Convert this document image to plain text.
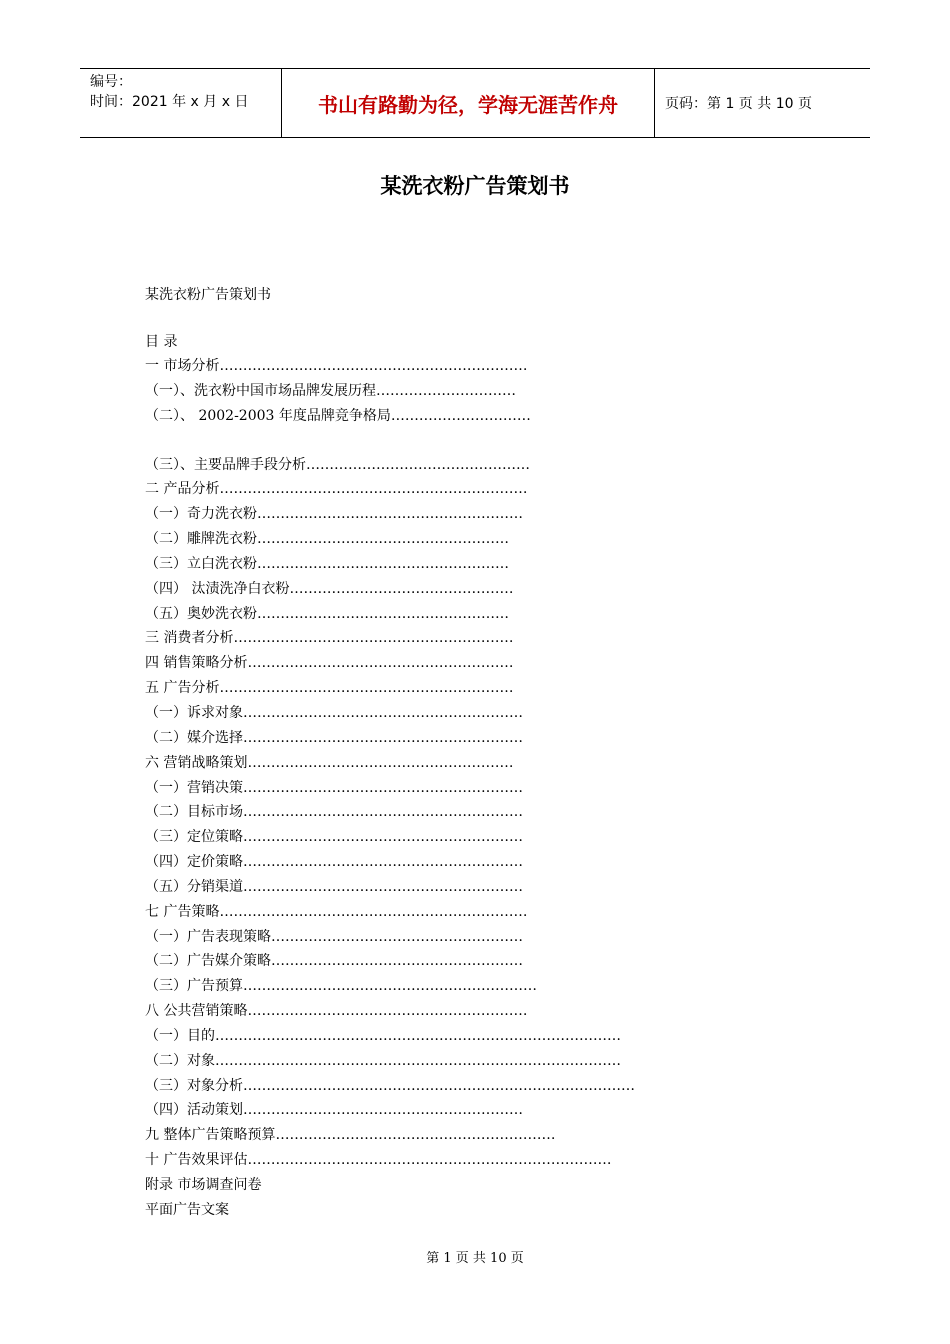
编号：
时间：2021 年 x 月 x 日	书山有路勤为径，学海无涯苦作舟	页码：第 1 页 共 10 页
某洗衣粉广告策划书
某洗衣粉广告策划书
目 录
一 市场分析…………………………………………………………
（一）、洗衣粉中国市场品牌发展历程…………………………
（二）、 2002-2003 年度品牌竞争格局…………………………
（三）、主要品牌手段分析…………………………………………
二 产品分析…………………………………………………………
（一）奇力洗衣粉…………………………………………………
（二）雕牌洗衣粉………………………………………………
（三）立白洗衣粉………………………………………………
（四） 汰渍洗净白衣粉…………………………………………
（五）奥妙洗衣粉………………………………………………
三 消费者分析……………………………………………………
四 销售策略分析…………………………………………………
五 广告分析………………………………………………………
（一）诉求对象……………………………………………………
（二）媒介选择……………………………………………………
六 营销战略策划…………………………………………………
（一）营销决策……………………………………………………
（二）目标市场……………………………………………………
（三）定位策略……………………………………………………
（四）定价策略……………………………………………………
（五）分销渠道……………………………………………………
七 广告策略…………………………………………………………
（一）广告表现策略………………………………………………
（二）广告媒介策略………………………………………………
（三）广告预算………………………………………………………
八 公共营销策略……………………………………………………
（一）目的……………………………………………………………………………
（二）对象……………………………………………………………………………
（三）对象分析…………………………………………………………………………
（四）活动策划……………………………………………………
九 整体广告策略预算……………………………………………………
十 广告效果评估……………………………………………………………………
附录 市场调查问卷
平面广告文案
第 1 页 共 10 页
